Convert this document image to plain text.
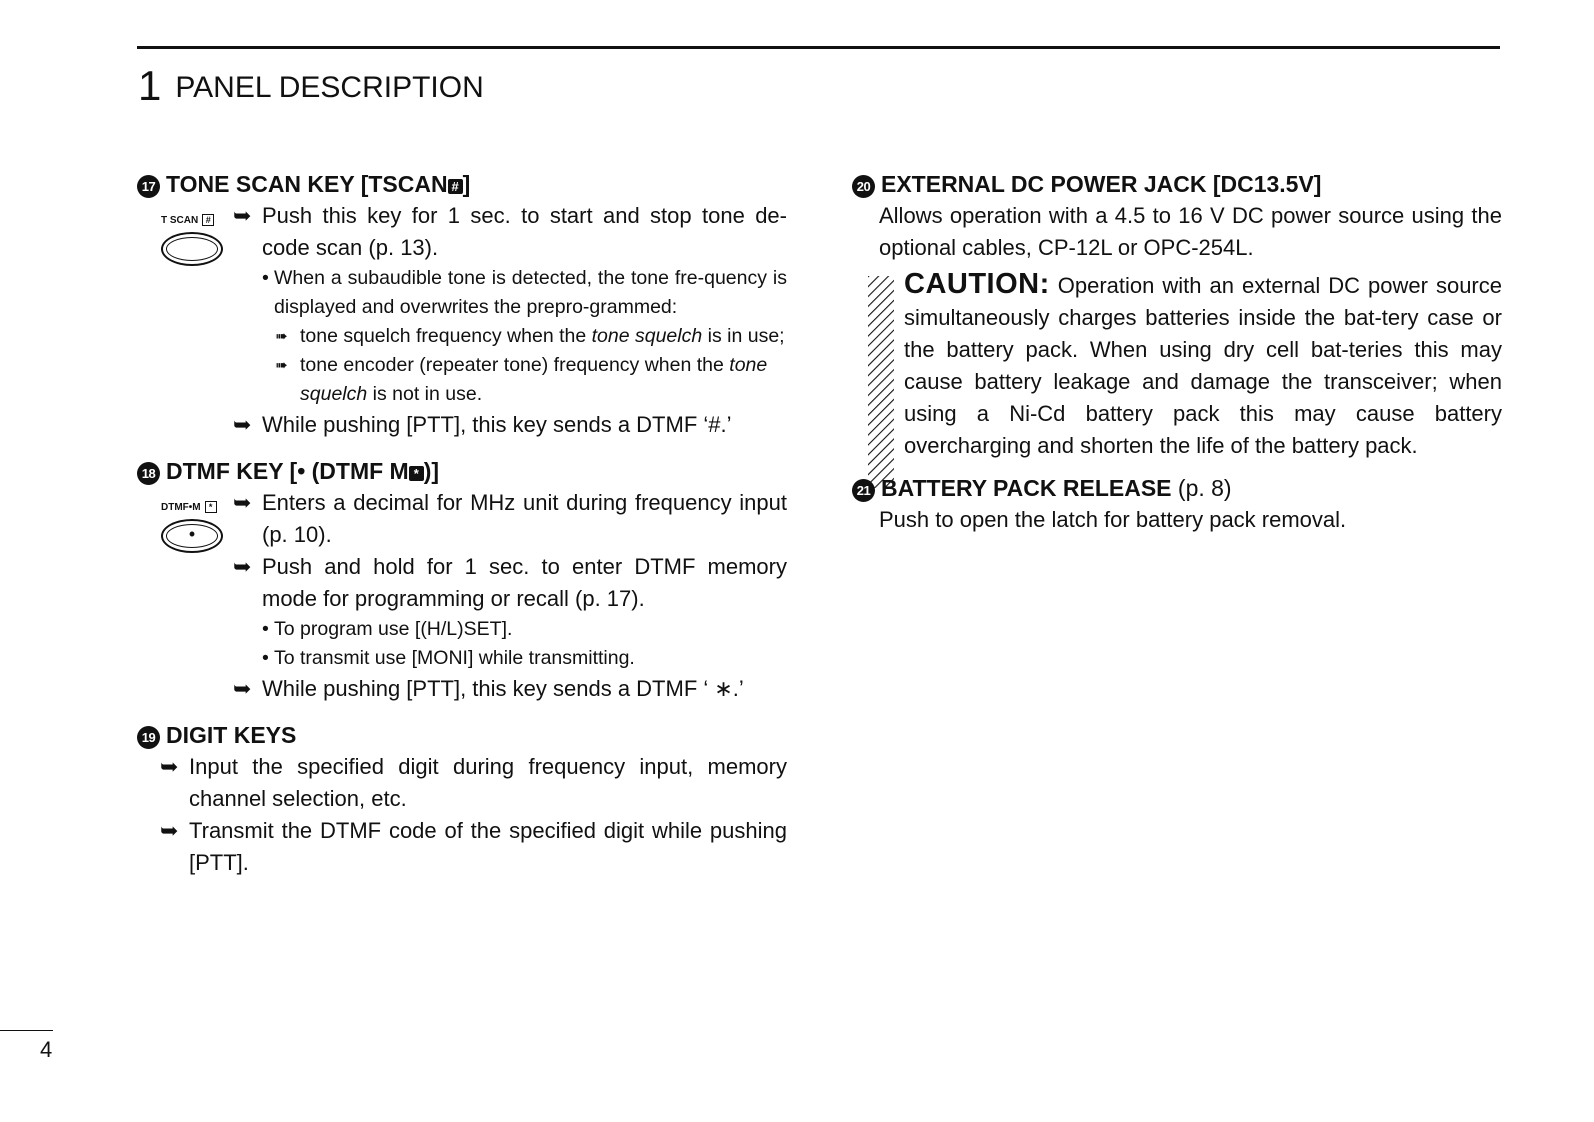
1 PANEL DESCRIPTION
17 TONE SCAN KEY [TSCAN # ]
T SCAN #	➥ Push this key for 1 sec. to start and stop tone de-code scan (p. 13).
• When a subaudible tone is detected, the tone fre-quency is displayed and overwrites the prepro-grammed:
➠ tone squelch frequency when the tone squelch is in use;
➠ tone encoder (repeater tone) frequency when the tone squelch is not in use.
➥ While pushing [PTT], this key sends a DTMF ‘#.’
18 DTMF KEY [• (DTMF M * )]
DTMF•M *
•
➥ Enters a decimal for MHz unit during frequency input (p. 10).
➥ Push and hold for 1 sec. to enter DTMF memory mode for programming or recall (p. 17).
• To program use [(H/L)SET].
• To transmit use [MONI] while transmitting.
➥ While pushing [PTT], this key sends a DTMF ‘ ∗.’
19 DIGIT KEYS
➥ Input the specified digit during frequency input, memory channel selection, etc.
➥ Transmit the DTMF code of the specified digit while pushing [PTT].
20 EXTERNAL DC POWER JACK [DC13.5V]
Allows operation with a 4.5 to 16 V DC power source using the optional cables, CP-12L or OPC-254L.
CAUTION: Operation with an external DC power source simultaneously charges batteries inside the bat-tery case or the battery pack. When using dry cell bat-teries this may cause battery leakage and damage the transceiver; when using a Ni-Cd battery pack this may cause battery overcharging and shorten the life of the battery pack.
21 BATTERY PACK RELEASE (p. 8)
Push to open the latch for battery pack removal.
4
